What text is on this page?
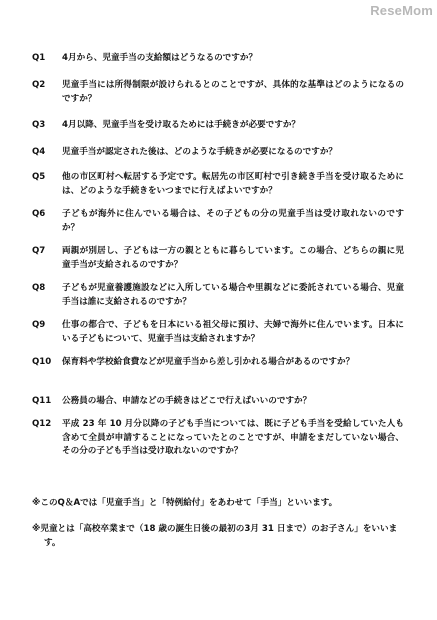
ReseMom
Q1	4月から、児童手当の支給額はどうなるのですか？
Q2	児童手当には所得制限が設けられるとのことですが、具体的な基準はどのようになるのですか？
Q3	4月以降、児童手当を受け取るためには手続きが必要ですか？
Q4	児童手当が認定された後は、どのような手続きが必要になるのですか？
Q5	他の市区町村へ転居する予定です。転居先の市区町村で引き続き手当を受け取るためには、どのような手続きをいつまでに行えばよいですか？
Q6	子どもが海外に住んでいる場合は、その子どもの分の児童手当は受け取れないのですか？
Q7	両親が別居し、子どもは一方の親とともに暮らしています。この場合、どちらの親に児童手当が支給されるのですか？
Q8	子どもが児童養護施設などに入所している場合や里親などに委託されている場合、児童手当は誰に支給されるのですか？
Q9	仕事の都合で、子どもを日本にいる祖父母に預け、夫婦で海外に住んでいます。日本にいる子どもについて、児童手当は支給されますか？
Q10	保育料や学校給食費などが児童手当から差し引かれる場合があるのですか？
Q11	公務員の場合、申請などの手続きはどこで行えばいいのですか？
Q12	平成 23 年 10 月分以降の子ども手当については、既に子ども手当を受給していた人も含めて全員が申請することになっていたとのことですが、申請をまだしていない場合、その分の子ども手当は受け取れないのですか？
※このQ＆Aでは「児童手当」と「特例給付」をあわせて「手当」といいます。
※児童とは「高校卒業まで（18 歳の誕生日後の最初の3月 31 日まで）のお子さん」をいいます。
